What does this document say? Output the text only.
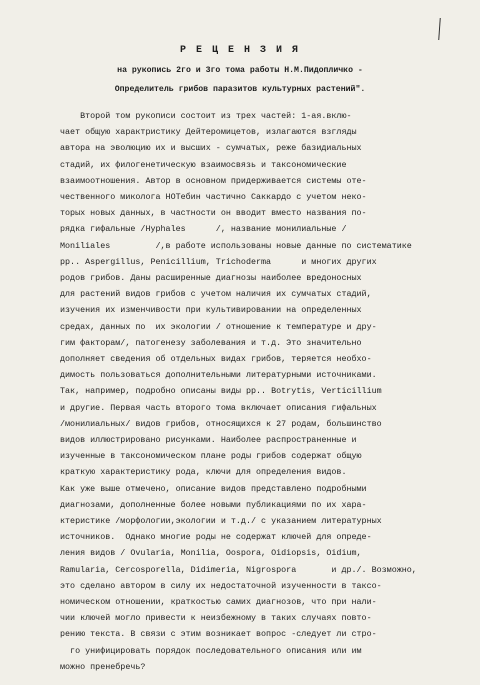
Р Е Ц Е Н З И Я
на рукопись 2го и 3го тома работы Н.М.Пидопличко -
Определитель грибов паразитов культурных растений".
Второй том рукописи состоит из трех частей: 1-ая.вклю-
чает общую характристику Дейтеромицетов, излагаются взгляды
автора на эволюцию их и высших - сумчатых, реже базидиальных
стадий, их филогенетическую взаимосвязь и таксономические
взаимоотношения. Автор в основном придерживается системы оте-
чественного миколога НОТебин частично Саккардо с учетом неко-
торых новых данных, в частности он вводит вместо названия по-
рядка гифальные /Hyphales      /, название монилиальные /
Moniliales         /,в работе использованы новые данные по систематике
рр.. Aspergillus, Penicillium, Trichoderma      и многих других
родов грибов. Даны расширенные диагнозы наиболее вредоносных
для растений видов грибов с учетом наличия их сумчатых стадий,
изучения их изменчивости при культивировании на определенных
средах, данных по  их экологии / отношение к температуре и дру-
гим факторам/, патогенезу заболевания и т.д. Это значительно
дополняет сведения об отдельных видах грибов, теряется необхо-
димость пользоваться дополнительными литературными источниками.
Так, например, подробно описаны виды рр.. Botrytis, Verticillium
и другие. Первая часть второго тома включает описания гифальных
/монилиальных/ видов грибов, относящихся к 27 родам, большинство
видов иллюстрировано рисунками. Наиболее распространенные и
изученные в таксономическом плане роды грибов содержат общую
краткую характеристику рода, ключи для определения видов.
Как уже выше отмечено, описание видов представлено подробными
диагнозами, дополненные более новыми публикациями по их хара-
ктеристике /морфологии,экологии и т.д./ с указанием литературных
источников.  Однако многие роды не содержат ключей для опреде-
ления видов / Ovularia, Monilia, Oospora, Oidiopsis, Oidium,
Ramularia, Cercosporella, Didimeria, Nigrospora       и др./. Возможно,
это сделано автором в силу их недостаточной изученности в таксо-
номическом отношении, краткостью самих диагнозов, что при нали-
чии ключей могло привести к неизбежному в таких случаях повто-
рению текста. В связи с этим возникает вопрос -следует ли стро-
го унифицировать порядок последовательного описания или им
можно пренебречь?
